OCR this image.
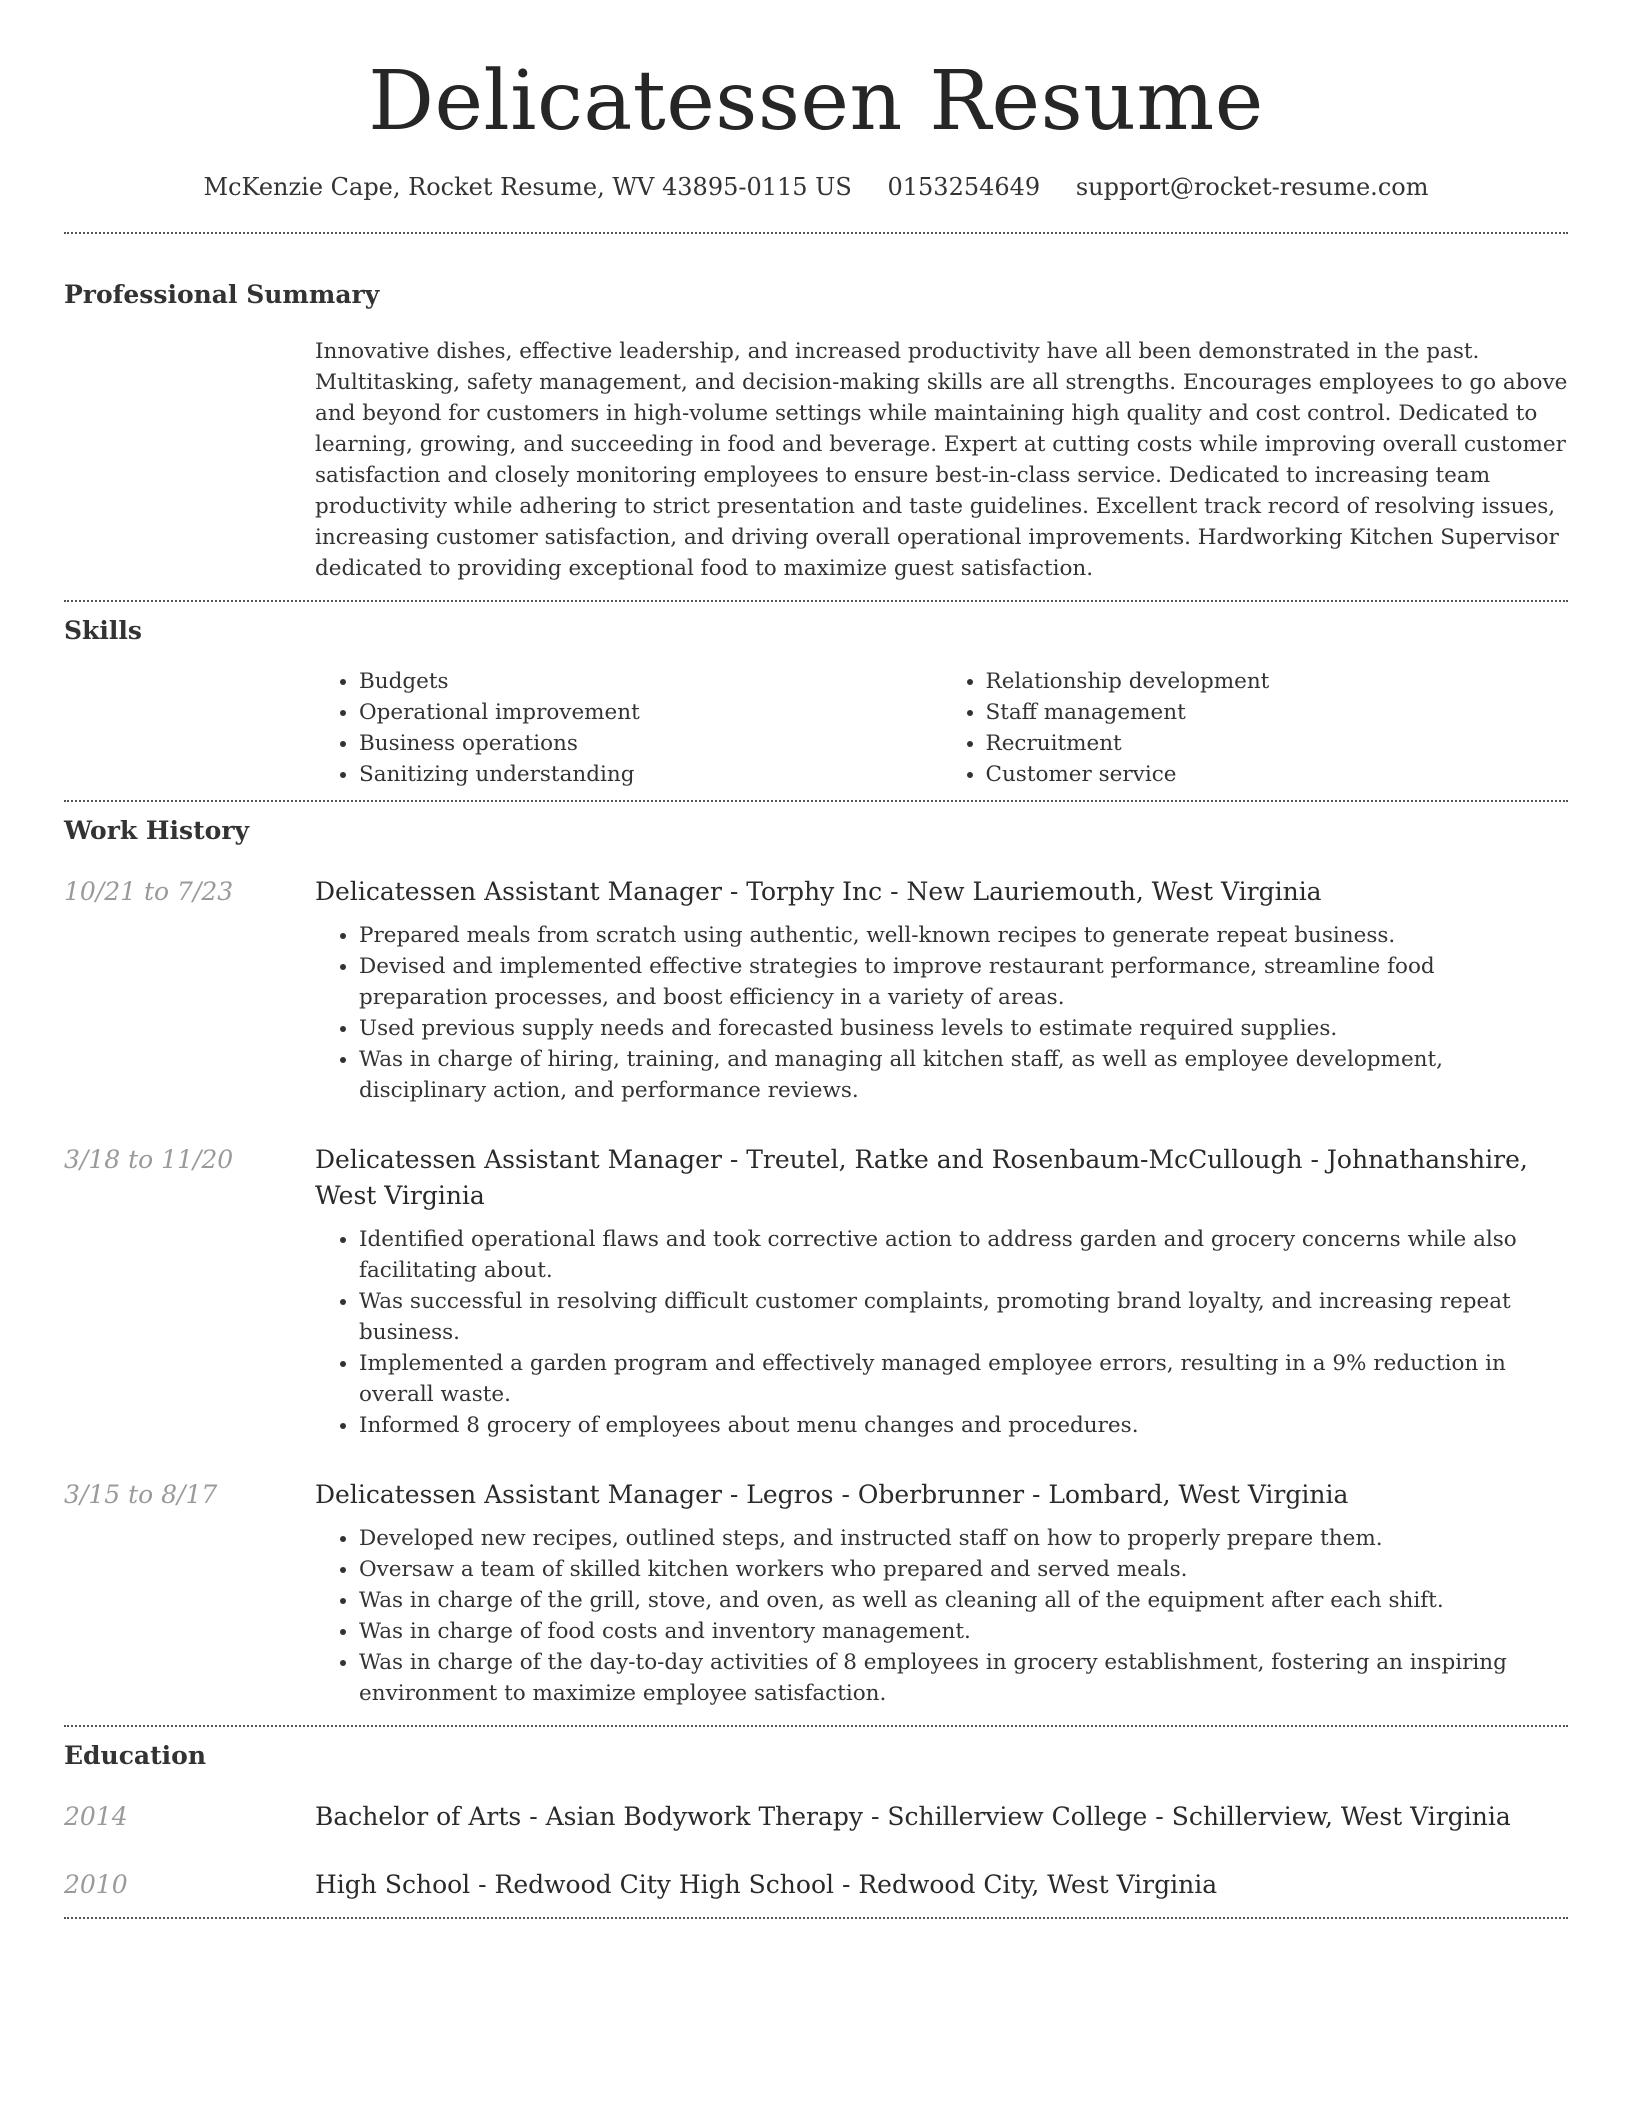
Delicatessen Resume
McKenzie Cape, Rocket Resume, WV 43895-0115 US 0153254649 support@rocket-resume.com
Professional Summary

Innovative dishes, effective leadership, and increased productivity have all been demonstrated in the past. Multitasking, safety management, and decision-making skills are all strengths. Encourages employees to go above and beyond for customers in high-volume settings while maintaining high quality and cost control. Dedicated to learning, growing, and succeeding in food and beverage. Expert at cutting costs while improving overall customer satisfaction and closely monitoring employees to ensure best-in-class service. Dedicated to increasing team productivity while adhering to strict presentation and taste guidelines. Excellent track record of resolving issues, increasing customer satisfaction, and driving overall operational improvements. Hardworking Kitchen Supervisor dedicated to providing exceptional food to maximize guest satisfaction.

Skills
• Budgets
• Operational improvement
• Business operations
• Sanitizing understanding
• Relationship development
• Staff management
• Recruitment
• Customer service
Work History
10/21 to 7/23	Delicatessen Assistant Manager - Torphy Inc - New Lauriemouth, West Virginia
• Prepared meals from scratch using authentic, well-known recipes to generate repeat business.
• Devised and implemented effective strategies to improve restaurant performance, streamline food preparation processes, and boost efficiency in a variety of areas.
• Used previous supply needs and forecasted business levels to estimate required supplies.
• Was in charge of hiring, training, and managing all kitchen staff, as well as employee development, disciplinary action, and performance reviews.
3/18 to 11/20	Delicatessen Assistant Manager - Treutel, Ratke and Rosenbaum-McCullough - Johnathanshire, West Virginia
• Identified operational flaws and took corrective action to address garden and grocery concerns while also facilitating about.
• Was successful in resolving difficult customer complaints, promoting brand loyalty, and increasing repeat business.
• Implemented a garden program and effectively managed employee errors, resulting in a 9% reduction in overall waste.
• Informed 8 grocery of employees about menu changes and procedures.
3/15 to 8/17	Delicatessen Assistant Manager - Legros - Oberbrunner - Lombard, West Virginia
• Developed new recipes, outlined steps, and instructed staff on how to properly prepare them.
• Oversaw a team of skilled kitchen workers who prepared and served meals.
• Was in charge of the grill, stove, and oven, as well as cleaning all of the equipment after each shift.
• Was in charge of food costs and inventory management.
• Was in charge of the day-to-day activities of 8 employees in grocery establishment, fostering an inspiring environment to maximize employee satisfaction.
Education
2014	Bachelor of Arts - Asian Bodywork Therapy - Schillerview College - Schillerview, West Virginia
2010	High School - Redwood City High School - Redwood City, West Virginia
